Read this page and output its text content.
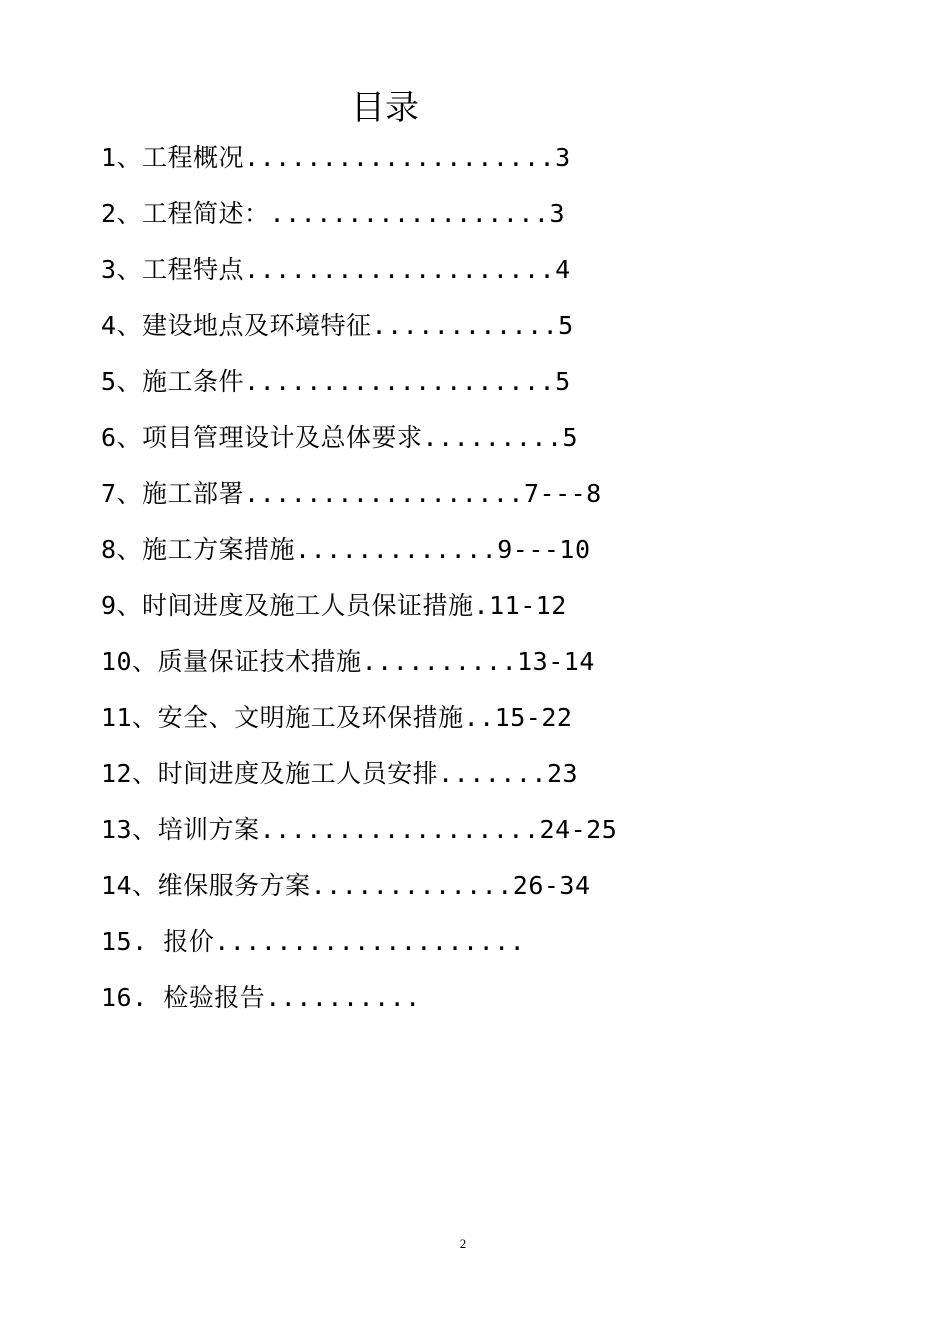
目录
1、工程概况....................3
2、工程简述：..................3
3、工程特点....................4
4、建设地点及环境特征............5
5、施工条件....................5
6、项目管理设计及总体要求.........5
7、施工部署..................7---8
8、施工方案措施.............9---10
9、时间进度及施工人员保证措施.11-12
10、质量保证技术措施..........13-14
11、安全、文明施工及环保措施..15-22
12、时间进度及施工人员安排.......23
13、培训方案..................24-25
14、维保服务方案.............26-34
15. 报价....................
16. 检验报告..........
2
